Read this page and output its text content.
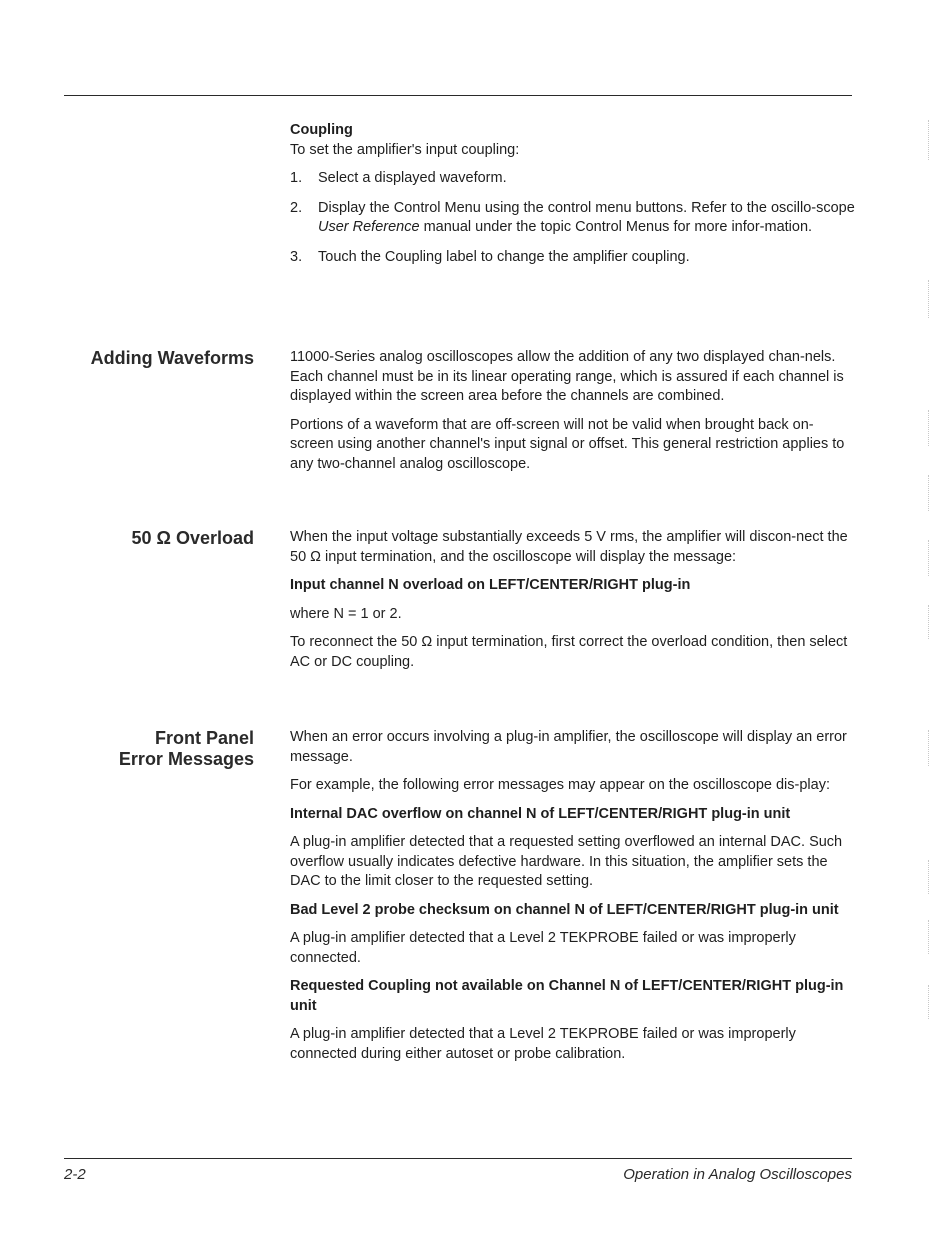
Coupling

To set the amplifier's input coupling:

1. Select a displayed waveform.
2. Display the Control Menu using the control menu buttons. Refer to the oscillo-scope User Reference manual under the topic Control Menus for more infor-mation.
3. Touch the Coupling label to change the amplifier coupling.
Adding Waveforms 11000-Series analog oscilloscopes allow the addition of any two displayed chan-nels. Each channel must be in its linear operating range, which is assured if each channel is displayed within the screen area before the channels are combined.

Portions of a waveform that are off-screen will not be valid when brought back on-screen using another channel's input signal or offset. This general restriction applies to any two-channel analog oscilloscope.

50 Ω Overload When the input voltage substantially exceeds 5 V rms, the amplifier will discon-nect the 50 Ω input termination, and the oscilloscope will display the message:

Input channel N overload on LEFT/CENTER/RIGHT plug-in

where N = 1 or 2.

To reconnect the 50 Ω input termination, first correct the overload condition, then select AC or DC coupling.

Front Panel
Error Messages

When an error occurs involving a plug-in amplifier, the oscilloscope will display an error message.

For example, the following error messages may appear on the oscilloscope dis-play:

Internal DAC overflow on channel N of LEFT/CENTER/RIGHT plug-in unit

A plug-in amplifier detected that a requested setting overflowed an internal DAC. Such overflow usually indicates defective hardware. In this situation, the amplifier sets the DAC to the limit closer to the requested setting.

Bad Level 2 probe checksum on channel N of LEFT/CENTER/RIGHT plug-in unit

A plug-in amplifier detected that a Level 2 TEKPROBE failed or was improperly connected.

Requested Coupling not available on Channel N of LEFT/CENTER/RIGHT plug-in unit

A plug-in amplifier detected that a Level 2 TEKPROBE failed or was improperly connected during either autoset or probe calibration.

2-2	Operation in Analog Oscilloscopes
